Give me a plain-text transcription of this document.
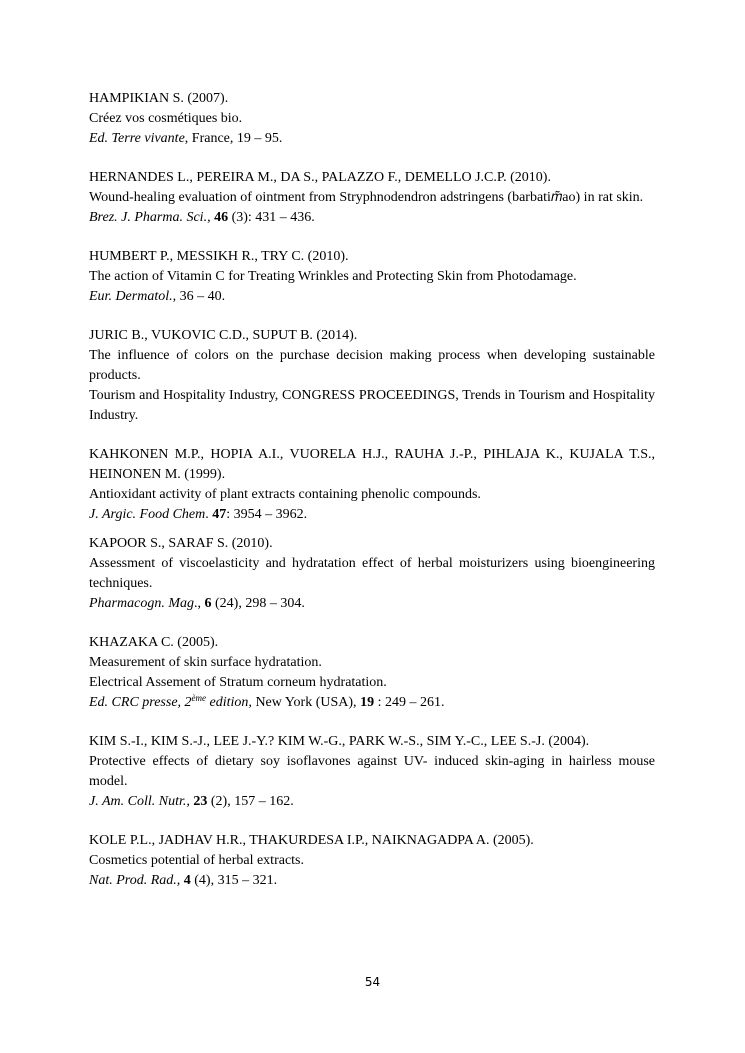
HAMPIKIAN S. (2007).

Créez vos cosmétiques bio.

Ed. Terre vivante, France, 19 – 95.

HERNANDES L., PEREIRA M., DA S., PALAZZO F., DEMELLO J.C.P. (2010).

Wound-healing evaluation of ointment from Stryphnodendron adstringens (barbati𝑚̃ao) in rat skin.

Brez. J. Pharma. Sci., 46 (3): 431 – 436.

HUMBERT P., MESSIKH R., TRY C. (2010).

The action of Vitamin C for Treating Wrinkles and Protecting Skin from Photodamage.

Eur. Dermatol., 36 – 40.

JURIC B., VUKOVIC C.D., SUPUT B. (2014).

The influence of colors on the purchase decision making process when developing sustainable products.

Tourism and Hospitality Industry, CONGRESS PROCEEDINGS, Trends in Tourism and Hospitality Industry.

KAHKONEN M.P., HOPIA A.I., VUORELA H.J., RAUHA J.-P., PIHLAJA K., KUJALA T.S., HEINONEN M. (1999).

Antioxidant activity of plant extracts containing phenolic compounds.

J. Argic. Food Chem. 47: 3954 – 3962.

KAPOOR S., SARAF S. (2010).

Assessment of viscoelasticity and hydratation effect of herbal moisturizers using bioengineering techniques.

Pharmacogn. Mag., 6 (24), 298 – 304.

KHAZAKA C. (2005).

Measurement of skin surface hydratation.

Electrical Assement of Stratum corneum hydratation.

Ed. CRC presse, 2ème edition, New York (USA), 19 : 249 – 261.

KIM S.-I., KIM S.-J., LEE J.-Y.? KIM W.-G., PARK W.-S., SIM Y.-C., LEE S.-J. (2004).

Protective effects of dietary soy isoflavones against UV- induced skin-aging in hairless mouse model.

J. Am. Coll. Nutr., 23 (2), 157 – 162.

KOLE P.L., JADHAV H.R., THAKURDESA I.P., NAIKNAGADPA A. (2005).

Cosmetics potential of herbal extracts.

Nat. Prod. Rad., 4 (4), 315 – 321.

54
